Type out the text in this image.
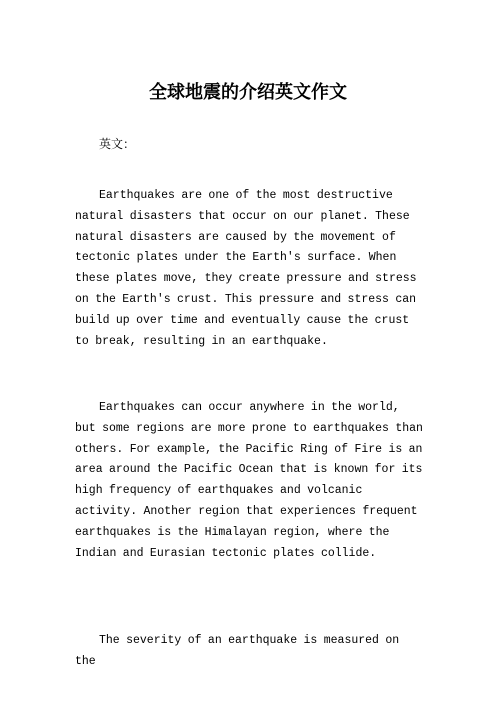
全球地震的介绍英文作文

英文：

Earthquakes are one of the most destructive natural disasters that occur on our planet. These natural disasters are caused by the movement of tectonic plates under the Earth's surface. When these plates move, they create pressure and stress on the Earth's crust. This pressure and stress can build up over time and eventually cause the crust to break, resulting in an earthquake.

Earthquakes can occur anywhere in the world, but some regions are more prone to earthquakes than others. For example, the Pacific Ring of Fire is an area around the Pacific Ocean that is known for its high frequency of earthquakes and volcanic activity. Another region that experiences frequent earthquakes is the Himalayan region, where the Indian and Eurasian tectonic plates collide.

The severity of an earthquake is measured on the
